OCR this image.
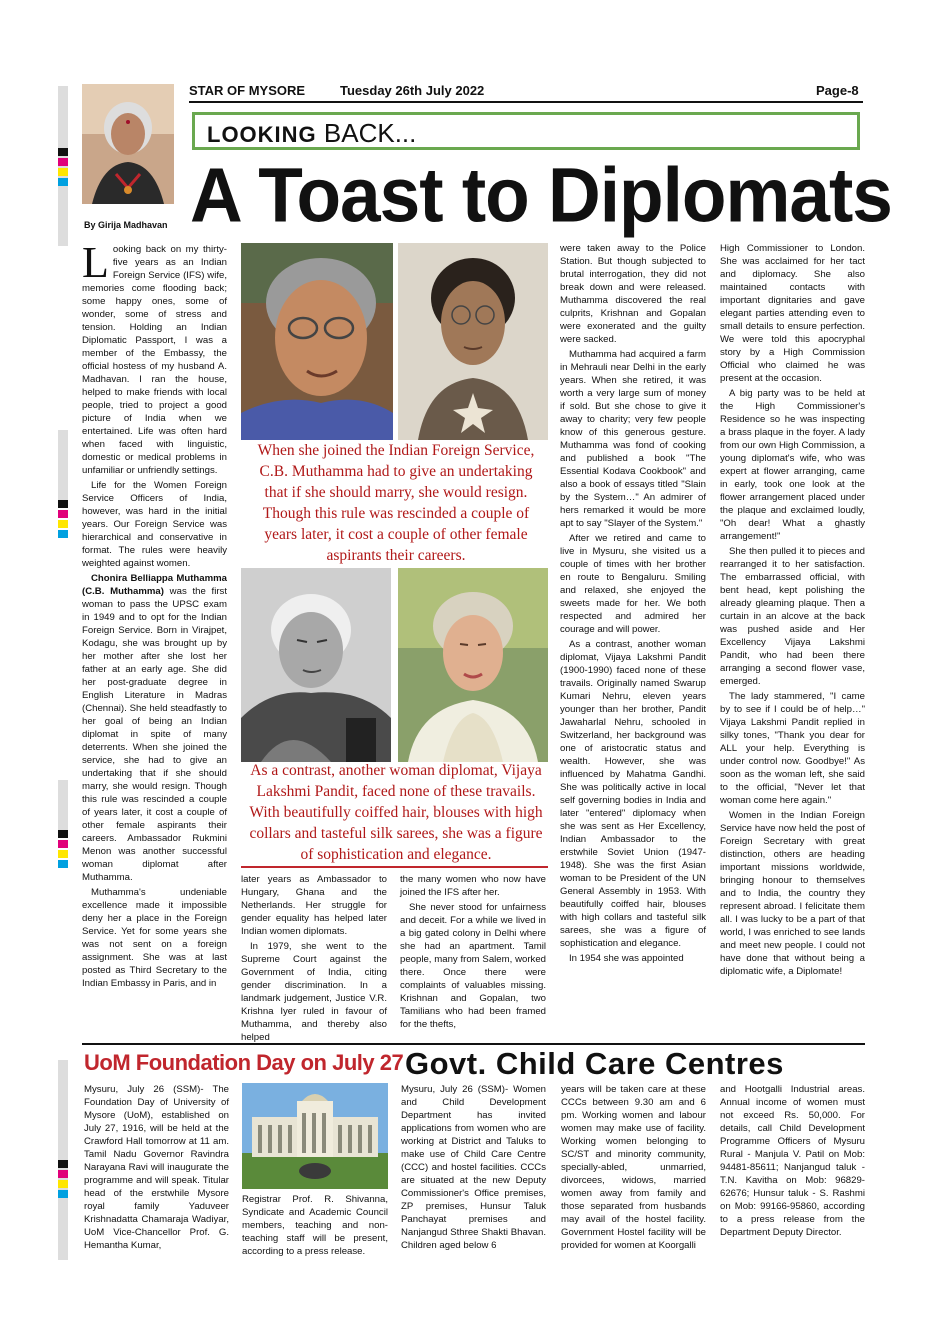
STAR OF MYSORE	Tuesday 26th July 2022	Page-8
By Girija Madhavan
LOOKING BACK...
A Toast to Diplomats

Looking back on my thirty-five years as an Indian Foreign Service (IFS) wife, memories come flooding back; some happy ones, some of wonder, some of stress and tension. Holding an Indian Diplomatic Passport, I was a member of the Embassy, the official hostess of my husband A. Madhavan. I ran the house, helped to make friends with local people, tried to project a good picture of India when we entertained. Life was often hard when faced with linguistic, domestic or medical problems in unfamiliar or unfriendly settings.

Life for the Women Foreign Service Officers of India, however, was hard in the initial years. Our Foreign Service was hierarchical and conservative in format. The rules were heavily weighted against women.

Chonira Belliappa Muthamma (C.B. Muthamma) was the first woman to pass the UPSC exam in 1949 and to opt for the Indian Foreign Service. Born in Virajpet, Kodagu, she was brought up by her mother after she lost her father at an early age. She did her post-graduate degree in English Literature in Madras (Chennai). She held steadfastly to her goal of being an Indian diplomat in spite of many deterrents. When she joined the service, she had to give an undertaking that if she should marry, she would resign. Though this rule was rescinded a couple of years later, it cost a couple of other female aspirants their careers. Ambassador Rukmini Menon was another successful woman diplomat after Muthamma.

Muthamma's undeniable excellence made it impossible deny her a place in the Foreign Service. Yet for some years she was not sent on a foreign assignment. She was at last posted as Third Secretary to the Indian Embassy in Paris, and in

When she joined the Indian Foreign Service, C.B. Muthamma had to give an undertaking that if she should marry, she would resign. Though this rule was rescinded a couple of years later, it cost a couple of other female aspirants their careers.
As a contrast, another woman diplomat, Vijaya Lakshmi Pandit, faced none of these travails. With beautifully coiffed hair, blouses with high collars and tasteful silk sarees, she was a figure of sophistication and elegance.

later years as Ambassador to Hungary, Ghana and the Netherlands. Her struggle for gender equality has helped later Indian women diplomats.

In 1979, she went to the Supreme Court against the Government of India, citing gender discrimination. In a landmark judgement, Justice V.R. Krishna Iyer ruled in favour of Muthamma, and thereby also helped

the many women who now have joined the IFS after her.

She never stood for unfairness and deceit. For a while we lived in a big gated colony in Delhi where she had an apartment. Tamil people, many from Salem, worked there. Once there were complaints of valuables missing. Krishnan and Gopalan, two Tamilians who had been framed for the thefts,

were taken away to the Police Station. But though subjected to brutal interrogation, they did not break down and were released. Muthamma discovered the real culprits, Krishnan and Gopalan were exonerated and the guilty were sacked.

Muthamma had acquired a farm in Mehrauli near Delhi in the early years. When she retired, it was worth a very large sum of money if sold. But she chose to give it away to charity; very few people know of this generous gesture. Muthamma was fond of cooking and published a book "The Essential Kodava Cookbook" and also a book of essays titled "Slain by the System…" An admirer of hers remarked it would be more apt to say "Slayer of the System."

After we retired and came to live in Mysuru, she visited us a couple of times with her brother en route to Bengaluru. Smiling and relaxed, she enjoyed the sweets made for her. We both respected and admired her courage and will power.

As a contrast, another woman diplomat, Vijaya Lakshmi Pandit (1900-1990) faced none of these travails. Originally named Swarup Kumari Nehru, eleven years younger than her brother, Pandit Jawaharlal Nehru, schooled in Switzerland, her background was one of aristocratic status and wealth. However, she was influenced by Mahatma Gandhi. She was politically active in local self governing bodies in India and later "entered" diplomacy when she was sent as Her Excellency, Indian Ambassador to the erstwhile Soviet Union (1947-1948). She was the first Asian woman to be President of the UN General Assembly in 1953. With beautifully coiffed hair, blouses with high collars and tasteful silk sarees, she was a figure of sophistication and elegance.

In 1954 she was appointed

High Commissioner to London. She was acclaimed for her tact and diplomacy. She also maintained contacts with important dignitaries and gave elegant parties attending even to small details to ensure perfection. We were told this apocryphal story by a High Commission Official who claimed he was present at the occasion.

A big party was to be held at the High Commissioner's Residence so he was inspecting a brass plaque in the foyer. A lady from our own High Commission, a young diplomat's wife, who was expert at flower arranging, came in early, took one look at the flower arrangement placed under the plaque and exclaimed loudly, "Oh dear! What a ghastly arrangement!"

She then pulled it to pieces and rearranged it to her satisfaction. The embarrassed official, with bent head, kept polishing the already gleaming plaque. Then a curtain in an alcove at the back was pushed aside and Her Excellency Vijaya Lakshmi Pandit, who had been there arranging a second flower vase, emerged.

The lady stammered, "I came by to see if I could be of help…" Vijaya Lakshmi Pandit replied in silky tones, "Thank you dear for ALL your help. Everything is under control now. Goodbye!" As soon as the woman left, she said to the official, "Never let that woman come here again."

Women in the Indian Foreign Service have now held the post of Foreign Secretary with great distinction, others are heading important missions worldwide, bringing honour to themselves and to India, the country they represent abroad. I felicitate them all. I was lucky to be a part of that world, I was enriched to see lands and meet new people. I could not have done that without being a diplomatic wife, a Diplomate!

UoM Foundation Day on July 27

Mysuru, July 26 (SSM)- The Foundation Day of University of Mysore (UoM), established on July 27, 1916, will be held at the Crawford Hall tomorrow at 11 am. Tamil Nadu Governor Ravindra Narayana Ravi will inaugurate the programme and will speak. Titular head of the erstwhile Mysore royal family Yaduveer Krishnadatta Chamaraja Wadiyar, UoM Vice-Chancellor Prof. G. Hemantha Kumar,

Registrar Prof. R. Shivanna, Syndicate and Academic Council members, teaching and non-teaching staff will be present, according to a press release.

Govt. Child Care Centres

Mysuru, July 26 (SSM)- Women and Child Development Department has invited applications from women who are working at District and Taluks to make use of Child Care Centre (CCC) and hostel facilities. CCCs are situated at the new Deputy Commissioner's Office premises, ZP premises, Hunsur Taluk Panchayat premises and Nanjangud Sthree Shakti Bhavan. Children aged below 6

years will be taken care at these CCCs between 9.30 am and 6 pm. Working women and labour women may make use of facility. Working women belonging to SC/ST and minority community, specially-abled, unmarried, divorcees, widows, married women away from family and those separated from husbands may avail of the hostel facility. Government Hostel facility will be provided for women at Koorgalli

and Hootgalli Industrial areas. Annual income of women must not exceed Rs. 50,000. For details, call Child Development Programme Officers of Mysuru Rural - Manjula V. Patil on Mob: 94481-85611; Nanjangud taluk - T.N. Kavitha on Mob: 96829-62676; Hunsur taluk - S. Rashmi on Mob: 99166-95860, according to a press release from the Department Deputy Director.
